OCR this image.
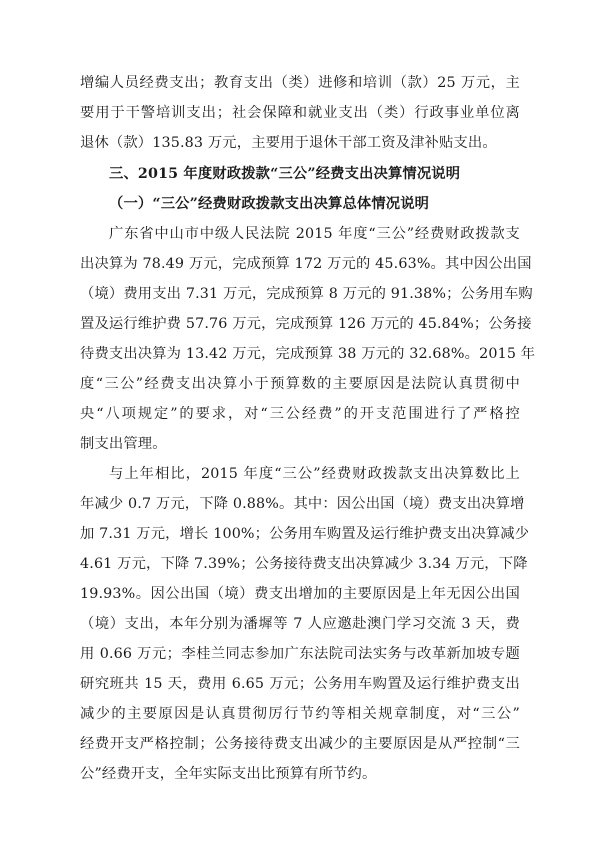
增编人员经费支出；教育支出（类）进修和培训（款）25 万元，主
要用于干警培训支出；社会保障和就业支出（类）行政事业单位离
退休（款）135.83 万元，主要用于退休干部工资及津补贴支出。
三、2015 年度财政拨款“三公”经费支出决算情况说明
（一）“三公”经费财政拨款支出决算总体情况说明
广东省中山市中级人民法院 2015 年度“三公”经费财政拨款支
出决算为 78.49 万元，完成预算 172 万元的 45.63%。其中因公出国
（境）费用支出 7.31 万元，完成预算 8 万元的 91.38%；公务用车购
置及运行维护费 57.76 万元，完成预算 126 万元的 45.84%；公务接
待费支出决算为 13.42 万元，完成预算 38 万元的 32.68%。2015 年
度“三公”经费支出决算小于预算数的主要原因是法院认真贯彻中
央“八项规定”的要求，对“三公经费”的开支范围进行了严格控
制支出管理。
与上年相比，2015 年度“三公”经费财政拨款支出决算数比上
年减少 0.7 万元，下降 0.88%。其中：因公出国（境）费支出决算增
加 7.31 万元，增长 100%；公务用车购置及运行维护费支出决算减少
4.61 万元，下降 7.39%；公务接待费支出决算减少 3.34 万元，下降
19.93%。因公出国（境）费支出增加的主要原因是上年无因公出国
（境）支出，本年分别为潘墀等 7 人应邀赴澳门学习交流 3 天，费
用 0.66 万元；李桂兰同志参加广东法院司法实务与改革新加坡专题
研究班共 15 天，费用 6.65 万元；公务用车购置及运行维护费支出
减少的主要原因是认真贯彻厉行节约等相关规章制度，对“三公”
经费开支严格控制；公务接待费支出减少的主要原因是从严控制“三
公”经费开支，全年实际支出比预算有所节约。
